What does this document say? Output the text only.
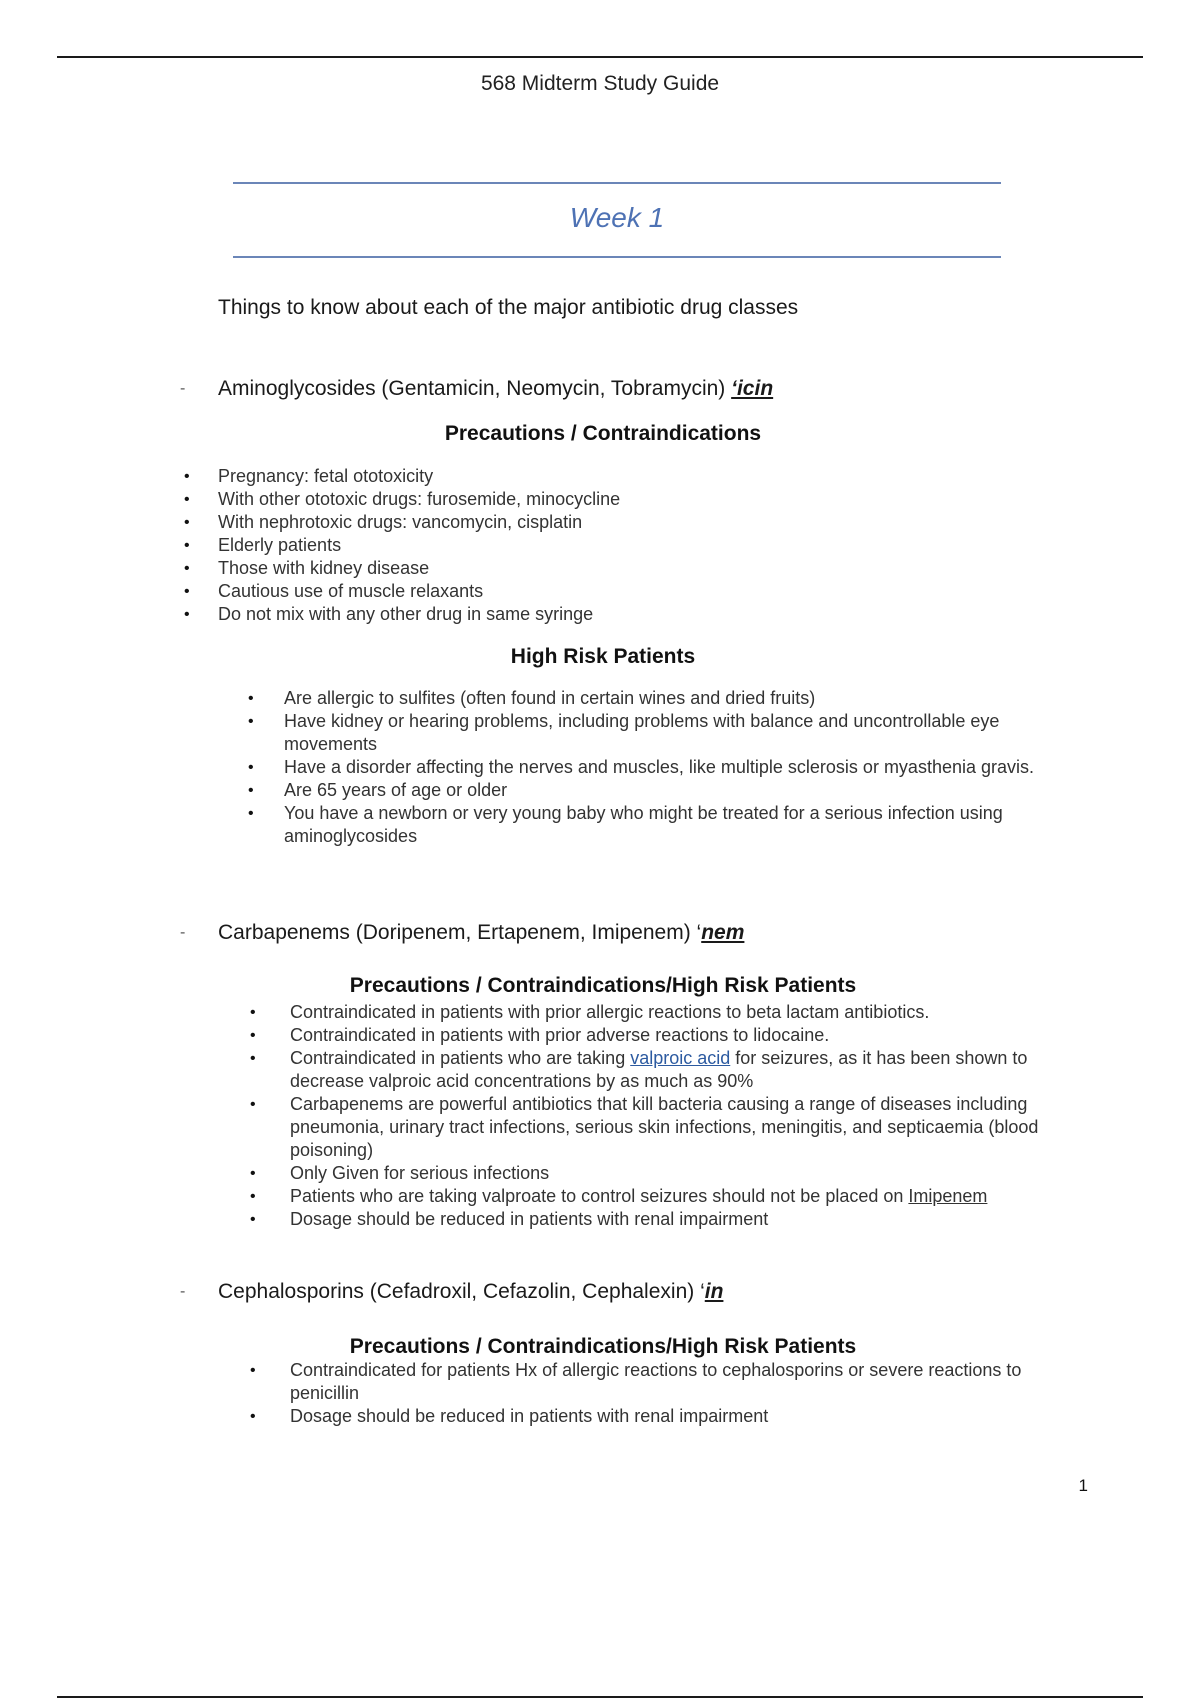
568 Midterm Study Guide
Week 1
Things to know about each of the major antibiotic drug classes
- Aminoglycosides (Gentamicin, Neomycin, Tobramycin) ‘icin
Precautions / Contraindications
• Pregnancy: fetal ototoxicity
• With other ototoxic drugs: furosemide, minocycline
• With nephrotoxic drugs: vancomycin, cisplatin
• Elderly patients
• Those with kidney disease
• Cautious use of muscle relaxants
• Do not mix with any other drug in same syringe
High Risk Patients
• Are allergic to sulfites (often found in certain wines and dried fruits)
• Have kidney or hearing problems, including problems with balance and uncontrollable eye movements
• Have a disorder affecting the nerves and muscles, like multiple sclerosis or myasthenia gravis.
• Are 65 years of age or older
• You have a newborn or very young baby who might be treated for a serious infection using aminoglycosides
- Carbapenems (Doripenem, Ertapenem, Imipenem) ‘nem
Precautions / Contraindications/High Risk Patients
• Contraindicated in patients with prior allergic reactions to beta lactam antibiotics.
• Contraindicated in patients with prior adverse reactions to lidocaine.
• Contraindicated in patients who are taking valproic acid for seizures, as it has been shown to decrease valproic acid concentrations by as much as 90%
• Carbapenems are powerful antibiotics that kill bacteria causing a range of diseases including pneumonia, urinary tract infections, serious skin infections, meningitis, and septicaemia (blood poisoning)
• Only Given for serious infections
• Patients who are taking valproate to control seizures should not be placed on Imipenem
• Dosage should be reduced in patients with renal impairment
- Cephalosporins (Cefadroxil, Cefazolin, Cephalexin) ‘in
Precautions / Contraindications/High Risk Patients
• Contraindicated for patients Hx of allergic reactions to cephalosporins or severe reactions to penicillin
• Dosage should be reduced in patients with renal impairment
1
